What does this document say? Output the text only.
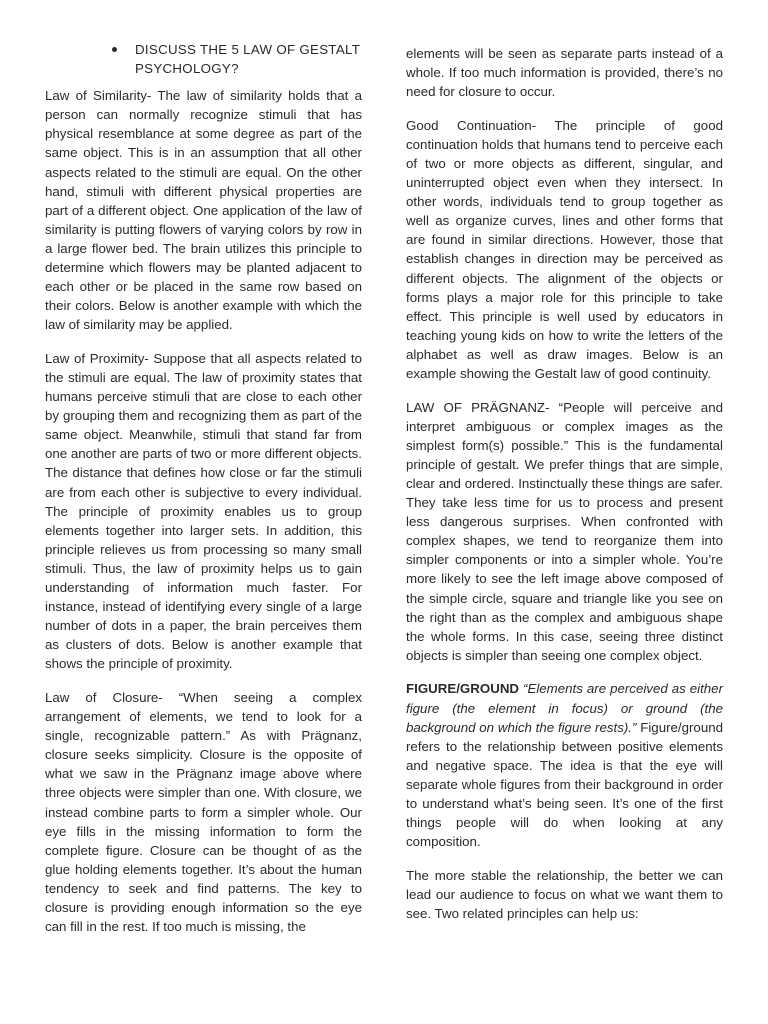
DISCUSS THE 5 LAW OF GESTALT PSYCHOLOGY?

Law of Similarity- The law of similarity holds that a person can normally recognize stimuli that has physical resemblance at some degree as part of the same object. This is in an assumption that all other aspects related to the stimuli are equal. On the other hand, stimuli with different physical properties are part of a different object. One application of the law of similarity is putting flowers of varying colors by row in a large flower bed. The brain utilizes this principle to determine which flowers may be planted adjacent to each other or be placed in the same row based on their colors. Below is another example with which the law of similarity may be applied.

Law of Proximity- Suppose that all aspects related to the stimuli are equal. The law of proximity states that humans perceive stimuli that are close to each other by grouping them and recognizing them as part of the same object. Meanwhile, stimuli that stand far from one another are parts of two or more different objects. The distance that defines how close or far the stimuli are from each other is subjective to every individual. The principle of proximity enables us to group elements together into larger sets. In addition, this principle relieves us from processing so many small stimuli. Thus, the law of proximity helps us to gain understanding of information much faster. For instance, instead of identifying every single of a large number of dots in a paper, the brain perceives them as clusters of dots. Below is another example that shows the principle of proximity.

Law of Closure- “When seeing a complex arrangement of elements, we tend to look for a single, recognizable pattern.” As with Prägnanz, closure seeks simplicity. Closure is the opposite of what we saw in the Prägnanz image above where three objects were simpler than one. With closure, we instead combine parts to form a simpler whole. Our eye fills in the missing information to form the complete figure. Closure can be thought of as the glue holding elements together. It’s about the human tendency to seek and find patterns. The key to closure is providing enough information so the eye can fill in the rest. If too much is missing, the

elements will be seen as separate parts instead of a whole. If too much information is provided, there’s no need for closure to occur.

Good Continuation- The principle of good continuation holds that humans tend to perceive each of two or more objects as different, singular, and uninterrupted object even when they intersect. In other words, individuals tend to group together as well as organize curves, lines and other forms that are found in similar directions. However, those that establish changes in direction may be perceived as different objects. The alignment of the objects or forms plays a major role for this principle to take effect. This principle is well used by educators in teaching young kids on how to write the letters of the alphabet as well as draw images. Below is an example showing the Gestalt law of good continuity.

LAW OF PRÄGNANZ- “People will perceive and interpret ambiguous or complex images as the simplest form(s) possible.” This is the fundamental principle of gestalt. We prefer things that are simple, clear and ordered. Instinctually these things are safer. They take less time for us to process and present less dangerous surprises. When confronted with complex shapes, we tend to reorganize them into simpler components or into a simpler whole. You’re more likely to see the left image above composed of the simple circle, square and triangle like you see on the right than as the complex and ambiguous shape the whole forms. In this case, seeing three distinct objects is simpler than seeing one complex object.

FIGURE/GROUND “Elements are perceived as either figure (the element in focus) or ground (the background on which the figure rests).” Figure/ground refers to the relationship between positive elements and negative space. The idea is that the eye will separate whole figures from their background in order to understand what’s being seen. It’s one of the first things people will do when looking at any composition.

The more stable the relationship, the better we can lead our audience to focus on what we want them to see. Two related principles can help us:
